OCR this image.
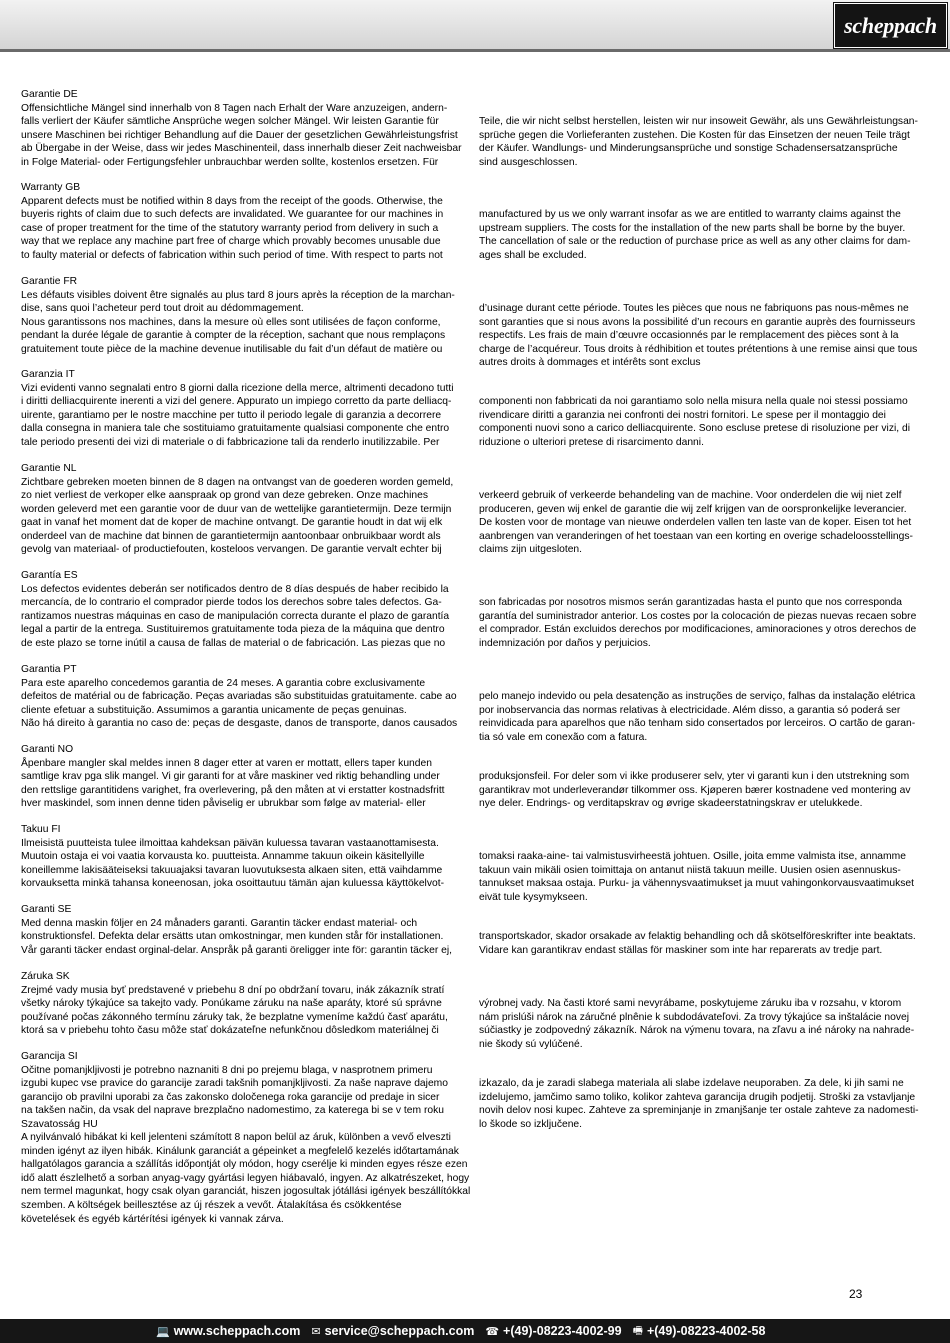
scheppach
Garantie DE

Offensichtliche Mängel sind innerhalb von 8 Tagen nach Erhalt der Ware anzuzeigen, andern-

falls verliert der Käufer sämtliche Ansprüche wegen solcher Mängel. Wir leisten Garantie für

unsere Maschinen bei richtiger Behandlung auf die Dauer der gesetzlichen Gewährleistungsfrist

ab Übergabe in der Weise, dass wir jedes Maschinenteil, dass innerhalb dieser Zeit nachweisbar

in Folge Material- oder Fertigungsfehler unbrauchbar werden sollte, kostenlos ersetzen. Für

Teile, die wir nicht selbst herstellen, leisten wir nur insoweit Gewähr, als uns Gewährleistungsan-

sprüche gegen die Vorlieferanten zustehen. Die Kosten für das Einsetzen der neuen Teile trägt

der Käufer. Wandlungs- und Minderungsansprüche und sonstige Schadensersatzansprüche

sind ausgeschlossen.

Warranty GB

Apparent defects must be notified within 8 days from the receipt of the goods. Otherwise, the

buyeris rights of claim due to such defects are invalidated. We guarantee for our machines in

case of proper treatment for the time of the statutory warranty period from delivery in such a

way that we replace any machine part free of charge which provably becomes unusable due

to faulty material or defects of fabrication within such period of time. With respect to parts not

manufactured by us we only warrant insofar as we are entitled to warranty claims against the

upstream suppliers. The costs for the installation of the new parts shall be borne by the buyer.

The cancellation of sale or the reduction of purchase price as well as any other claims for dam-

ages shall be excluded.

Garantie FR

Les défauts visibles doivent être signalés au plus tard 8 jours après la réception de la marchan-

dise, sans quoi l’acheteur perd tout droit au dédommagement.

Nous garantissons nos machines, dans la mesure où elles sont utilisées de façon conforme,

pendant la durée légale de garantie à compter de la réception, sachant que nous remplaçons

gratuitement toute pièce de la machine devenue inutilisable du fait d’un défaut de matière ou

d’usinage durant cette période. Toutes les pièces que nous ne fabriquons pas nous-mêmes ne

sont garanties que si nous avons la possibilité d’un recours en garantie auprès des fournisseurs

respectifs. Les frais de main d’œuvre occasionnés par le remplacement des pièces sont à la

charge de l’acquéreur. Tous droits à rédhibition et toutes prétentions à une remise ainsi que tous

autres droits à dommages et intérêts sont exclus

Garanzia IT

Vizi evidenti vanno segnalati entro 8 giorni dalla ricezione della merce, altrimenti decadono tutti

i diritti delliacquirente inerenti a vizi del genere. Appurato un impiego corretto da parte delliacq-

uirente, garantiamo per le nostre macchine per tutto il periodo legale di garanzia a decorrere

dalla consegna in maniera tale che sostituiamo gratuitamente qualsiasi componente che entro

tale periodo presenti dei vizi di materiale o di fabbricazione tali da renderlo inutilizzabile. Per

componenti non fabbricati da noi garantiamo solo nella misura nella quale noi stessi possiamo

rivendicare diritti a garanzia nei confronti dei nostri fornitori. Le spese per il montaggio dei

componenti nuovi sono a carico delliacquirente. Sono escluse pretese di risoluzione per vizi, di

riduzione o ulteriori pretese di risarcimento danni.

Garantie NL

Zichtbare gebreken moeten binnen de 8 dagen na ontvangst van de goederen worden gemeld,

zo niet verliest de verkoper elke aanspraak op grond van deze gebreken. Onze machines

worden geleverd met een garantie voor de duur van de wettelijke garantietermijn. Deze termijn

gaat in vanaf het moment dat de koper de machine ontvangt. De garantie houdt in dat wij elk

onderdeel van de machine dat binnen de garantietermijn aantoonbaar onbruikbaar wordt als

gevolg van materiaal- of productiefouten, kosteloos vervangen. De garantie vervalt echter bij

verkeerd gebruik of verkeerde behandeling van de machine. Voor onderdelen die wij niet zelf

produceren, geven wij enkel de garantie die wij zelf krijgen van de oorspronkelijke leverancier.

De kosten voor de montage van nieuwe onderdelen vallen ten laste van de koper. Eisen tot het

aanbrengen van veranderingen of het toestaan van een korting en overige schadeloosstellings-

claims zijn uitgesloten.

Garantía ES

Los defectos evidentes deberán ser notificados dentro de 8 días después de haber recibido la

mercancía, de lo contrario el comprador pierde todos los derechos sobre tales defectos. Ga-

rantizamos nuestras máquinas en caso de manipulación correcta durante el plazo de garantía

legal a partir de la entrega. Sustituiremos gratuitamente toda pieza de la máquina que dentro

de este plazo se torne inútil a causa de fallas de material o de fabricación. Las piezas que no

son fabricadas por nosotros mismos serán garantizadas hasta el punto que nos corresponda

garantía del suministrador anterior. Los costes por la colocación de piezas nuevas recaen sobre

el comprador. Están excluidos derechos por modificaciones, aminoraciones y otros derechos de

indemnización por daños y perjuicios.

Garantia PT

Para este aparelho concedemos garantia de 24 meses. A garantia cobre exclusivamente

defeitos de matérial ou de fabricação. Peças avariadas são substituidas gratuitamente. cabe ao

cliente efetuar a substituição. Assumimos a garantia unicamente de peças genuinas.

Não há direito à garantia no caso de: peças de desgaste, danos de transporte, danos causados

pelo manejo indevido ou pela desatenção as instruções de serviço, falhas da instalação elétrica

por inobservancia das normas relativas à electricidade. Além disso, a garantia só poderá ser

reinvidicada para aparelhos que não tenham sido consertados por lerceiros. O cartão de garan-

tia só vale em conexão com a fatura.

Garanti NO

Åpenbare mangler skal meldes innen 8 dager etter at varen er mottatt, ellers taper kunden

samtlige krav pga slik mangel. Vi gir garanti for at våre maskiner ved riktig behandling under

den rettslige garantitidens varighet, fra overlevering, på den måten at vi erstatter kostnadsfritt

hver maskindel, som innen denne tiden påviselig er ubrukbar som følge av material- eller

produksjonsfeil. For deler som vi ikke produserer selv, yter vi garanti kun i den utstrekning som

garantikrav mot underleverandør tilkommer oss. Kjøperen bærer kostnadene ved montering av

nye deler. Endrings- og verditapskrav og øvrige skadeerstatningskrav er utelukkede.

Takuu FI

Ilmeisistä puutteista tulee ilmoittaa kahdeksan päivän kuluessa tavaran vastaanottamisesta.

Muutoin ostaja ei voi vaatia korvausta ko. puutteista. Annamme takuun oikein käsitellyille

koneillemme lakisääteiseksi takuuajaksi tavaran luovutuksesta alkaen siten, että vaihdamme

korvauksetta minkä tahansa koneenosan, joka osoittautuu tämän ajan kuluessa käyttökelvot-

tomaksi raaka-aine- tai valmistusvirheestä johtuen. Osille, joita emme valmista itse, annamme

takuun vain mikäli osien toimittaja on antanut niistä takuun meille. Uusien osien asennuskus-

tannukset maksaa ostaja. Purku- ja vähennysvaatimukset ja muut vahingonkorvausvaatimukset

eivät tule kysymykseen.

Garanti SE

Med denna maskin följer en 24 månaders garanti. Garantin täcker endast material- och

konstruktionsfel. Defekta delar ersätts utan omkostningar, men kunden står för installationen.

Vår garanti täcker endast orginal-delar. Anspråk på garanti öreligger inte för: garantin täcker ej,

transportskador, skador orsakade av felaktig behandling och då skötselföreskrifter inte beaktats.

Vidare kan garantikrav endast ställas för maskiner som inte har reparerats av tredje part.

Záruka SK

Zrejmé vady musia byť predstavené v priebehu 8 dní po obdržaní tovaru, inák zákazník stratí

všetky nároky týkajúce sa takejto vady. Ponúkame záruku na naše aparáty, ktoré sú správne

používané počas zákonného termínu záruky tak, že bezplatne vymeníme každú časť aparátu,

ktorá sa v priebehu tohto času môže stať dokázateľne nefunkčnou dôsledkom materiálnej či

výrobnej vady. Na časti ktoré sami nevyrábame, poskytujeme záruku iba v rozsahu, v ktorom

nám prislúši nárok na záručné plnênie k subdodávateľovi. Za trovy týkajúce sa inštalácie novej

súčiastky je zodpovedný zákazník. Nárok na výmenu tovara, na zľavu a iné nároky na nahrade-

nie škody sú vylúčené.

Garancija SI

Očitne pomanjkljivosti je potrebno naznaniti 8 dni po prejemu blaga, v nasprotnem primeru

izgubi kupec vse pravice do garancije zaradi takšnih pomanjkljivosti. Za naše naprave dajemo

garancijo ob pravilni uporabi za čas zakonsko določenega roka garancije od predaje in sicer

na takšen način, da vsak del naprave brezplačno nadomestimo, za katerega bi se v tem roku

Szavatosság HU

A nyilvánvaló hibákat ki kell jelenteni számított 8 napon belül az áruk, különben a vevő elveszti

minden igényt az ilyen hibák. Kinálunk garanciát a gépeinket a megfelelő kezelés időtartamának

hallgatólagos garancia a szállítás időpontját oly módon, hogy cserélje ki minden egyes része ezen

idő alatt észlelhető a sorban anyag-vagy gyártási legyen hiábavaló, ingyen. Az alkatrészeket, hogy

nem termel magunkat, hogy csak olyan garanciát, hiszen jogosultak jótállási igények beszállítókkal

szemben. A költségek beillesztése az új részek a vevőt. Átalakítása és csökkentése

követelések és egyéb kártérítési igények ki vannak zárva.

izkazalo, da je zaradi slabega materiala ali slabe izdelave neuporaben. Za dele, ki jih sami ne

izdelujemo, jamčimo samo toliko, kolikor zahteva garancija drugih podjetij. Stroški za vstavljanje

novih delov nosi kupec. Zahteve za spreminjanje in zmanjšanje ter ostale zahteve za nadomesti-

lo škode so izključene.

23
💻 www.scheppach.com ✉ service@scheppach.com ☎ +(49)-08223-4002-99 🖷 +(49)-08223-4002-58
